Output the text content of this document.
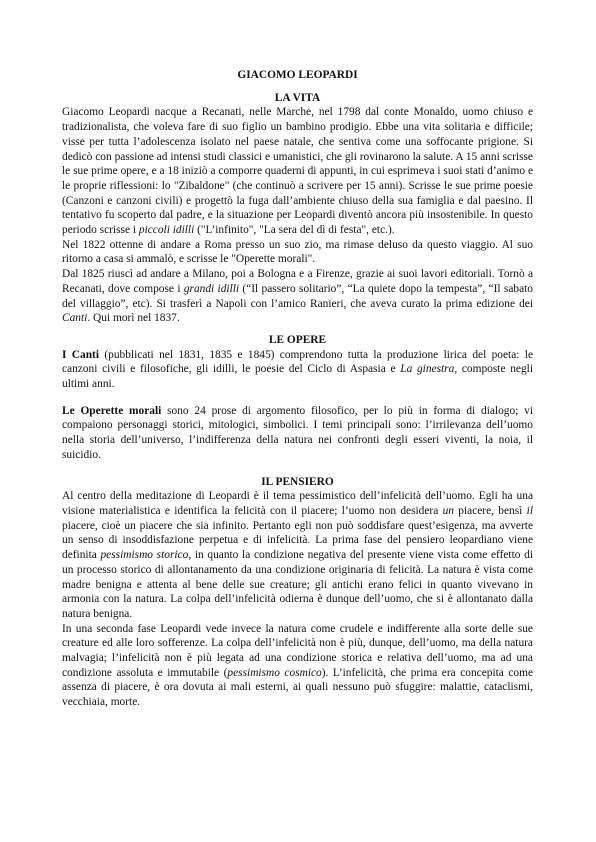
GIACOMO LEOPARDI
LA VITA

Giacomo Leopardi nacque a Recanati, nelle Marche, nel 1798 dal conte Monaldo, uomo chiuso e tradizionalista, che voleva fare di suo figlio un bambino prodigio. Ebbe una vita solitaria e difficile; visse per tutta l’adolescenza isolato nel paese natale, che sentiva come una soffocante prigione. Si dedicò con passione ad intensi studi classici e umanistici, che gli rovinarono la salute. A 15 anni scrisse le sue prime opere, e a 18 iniziò a comporre quaderni di appunti, in cui esprimeva i suoi stati d’animo e le proprie riflessioni: lo "Zibaldone" (che continuò a scrivere per 15 anni). Scrisse le sue prime poesie (Canzoni e canzoni civili) e progettò la fuga dall’ambiente chiuso della sua famiglia e dal paesino. Il tentativo fu scoperto dal padre, e la situazione per Leopardi diventò ancora più insostenibile. In questo periodo scrisse i piccoli idilli ("L’infinito", "La sera del dì di festa", etc.).

Nel 1822 ottenne di andare a Roma presso un suo zio, ma rimase deluso da questo viaggio. Al suo ritorno a casa si ammalò, e scrisse le "Operette morali".

Dal 1825 riuscì ad andare a Milano, poi a Bologna e a Firenze, grazie ai suoi lavori editoriali. Tornò a Recanati, dove compose i grandi idilli (“Il passero solitario”, “La quiete dopo la tempesta”, “Il sabato del villaggio”, etc). Si trasferì a Napoli con l’amico Ranieri, che aveva curato la prima edizione dei Canti. Qui morì nel 1837.

LE OPERE

I Canti (pubblicati nel 1831, 1835 e 1845) comprendono tutta la produzione lirica del poeta: le canzoni civili e filosofiche, gli idilli, le poesie del Ciclo di Aspasia e La ginestra, composte negli ultimi anni.

Le Operette morali sono 24 prose di argomento filosofico, per lo più in forma di dialogo; vi compaiono personaggi storici, mitologici, simbolici. I temi principali sono: l’irrilevanza dell’uomo nella storia dell’universo, l’indifferenza della natura nei confronti degli esseri viventi, la noia, il suicidio.

IL PENSIERO

Al centro della meditazione di Leopardi è il tema pessimistico dell’infelicità dell’uomo. Egli ha una visione materialistica e identifica la felicità con il piacere; l’uomo non desidera un piacere, bensì il piacere, cioè un piacere che sia infinito. Pertanto egli non può soddisfare quest’esigenza, ma avverte un senso di insoddisfazione perpetua e di infelicità. La prima fase del pensiero leopardiano viene definita pessimismo storico, in quanto la condizione negativa del presente viene vista come effetto di un processo storico di allontanamento da una condizione originaria di felicità. La natura è vista come madre benigna e attenta al bene delle sue creature; gli antichi erano felici in quanto vivevano in armonia con la natura. La colpa dell’infelicità odierna è dunque dell’uomo, che si è allontanato dalla natura benigna.

In una seconda fase Leopardi vede invece la natura come crudele e indifferente alla sorte delle sue creature ed alle loro sofferenze. La colpa dell’infelicità non è più, dunque, dell’uomo, ma della natura malvagia; l’infelicità non è più legata ad una condizione storica e relativa dell’uomo, ma ad una condizione assoluta e immutabile (pessimismo cosmico). L’infelicità, che prima era concepita come assenza di piacere, è ora dovuta ai mali esterni, ai quali nessuno può sfuggire: malattie, cataclismi, vecchiaia, morte.
